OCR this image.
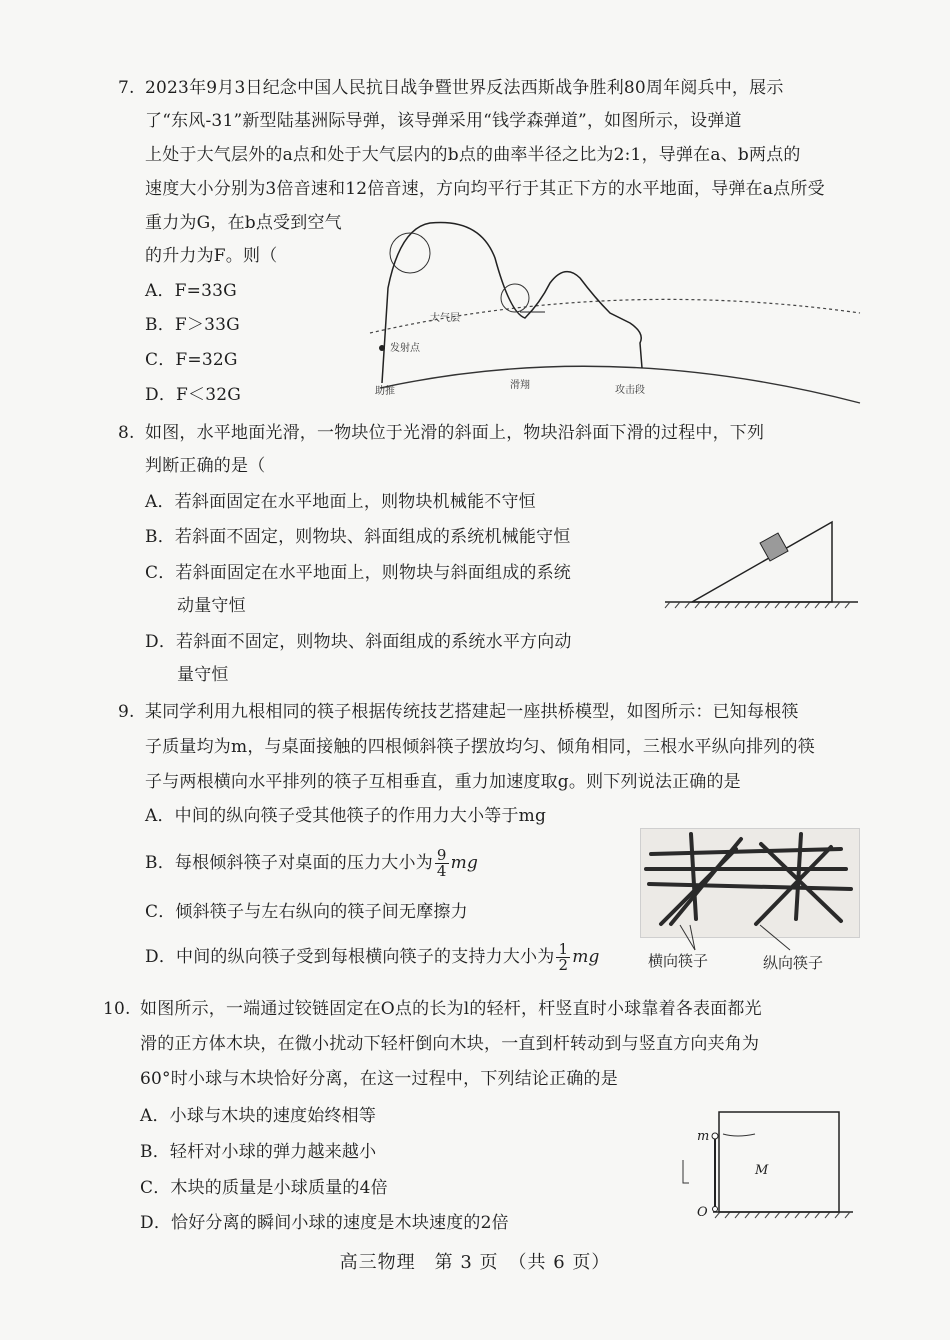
7. 2023年9月3日纪念中国人民抗日战争暨世界反法西斯战争胜利80周年阅兵中，展示
了“东风-31”新型陆基洲际导弹，该导弹采用“钱学森弹道”，如图所示，设弹道
上处于大气层外的a点和处于大气层内的b点的曲率半径之比为2:1，导弹在a、b两点的
速度大小分别为3倍音速和12倍音速，方向均平行于其正下方的水平地面，导弹在a点所受
重力为G，在b点受到空气
的升力为F。则（
A．F=33G
B．F＞33G
C．F=32G
D．F＜32G
大气层
发射点
助推
滑翔	攻击段
8. 如图，水平地面光滑，一物块位于光滑的斜面上，物块沿斜面下滑的过程中，下列
判断正确的是（
A．若斜面固定在水平地面上，则物块机械能不守恒
B．若斜面不固定，则物块、斜面组成的系统机械能守恒
C．若斜面固定在水平地面上，则物块与斜面组成的系统
动量守恒
D．若斜面不固定，则物块、斜面组成的系统水平方向动
量守恒
9. 某同学利用九根相同的筷子根据传统技艺搭建起一座拱桥模型，如图所示：已知每根筷
子质量均为m，与桌面接触的四根倾斜筷子摆放均匀、倾角相同，三根水平纵向排列的筷
子与两根横向水平排列的筷子互相垂直，重力加速度取g。则下列说法正确的是
A．中间的纵向筷子受其他筷子的作用力大小等于mg
B．每根倾斜筷子对桌面的压力大小为 $\frac{9}{4}$ mg
C．倾斜筷子与左右纵向的筷子间无摩擦力
D．中间的纵向筷子受到每根横向筷子的支持力大小为 $\frac{1}{2}$ mg	横向筷子	纵向筷子
10. 如图所示，一端通过铰链固定在O点的长为l的轻杆，杆竖直时小球靠着各表面都光
滑的正方体木块，在微小扰动下轻杆倒向木块，一直到杆转动到与竖直方向夹角为
60°时小球与木块恰好分离，在这一过程中，下列结论正确的是
A．小球与木块的速度始终相等
B．轻杆对小球的弹力越来越小
C．木块的质量是小球质量的4倍
D．恰好分离的瞬间小球的速度是木块速度的2倍
m
M
O
高三物理　第 3 页　（共 6 页）
